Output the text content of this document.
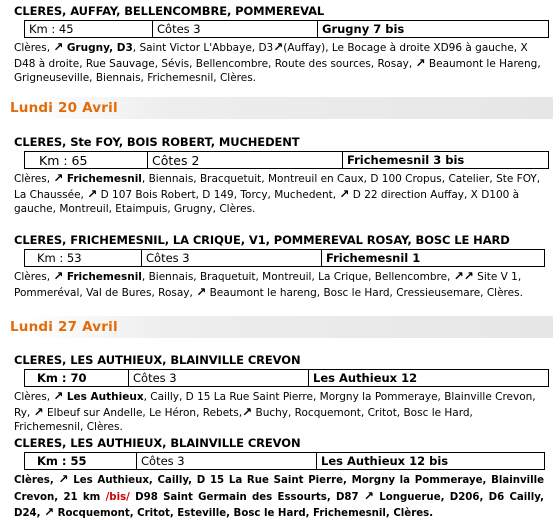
CLERES, AUFFAY, BELLENCOMBRE, POMMEREVAL
Km : 45	Côtes 3	Grugny 7 bis

Clères, ↗ Grugny, D3, Saint Victor L'Abbaye, D3↗(Auffay), Le Bocage à droite XD96 à gauche, X D48 à droite, Rue Sauvage, Sévis, Bellencombre, Route des sources, Rosay, ↗ Beaumont le Hareng, Grigneuseville, Biennais, Frichemesnil, Clères.

Lundi 20 Avril
CLERES, Ste FOY, BOIS ROBERT, MUCHEDENT
Km : 65	Côtes 2	Frichemesnil 3 bis

Clères, ↗ Frichemesnil, Biennais, Bracquetuit, Montreuil en Caux, D 100 Cropus, Catelier, Ste FOY, La Chaussée, ↗ D 107 Bois Robert, D 149, Torcy, Muchedent, ↗ D 22 direction Auffay, X D100 à gauche, Montreuil, Etaimpuis, Grugny, Clères.

CLERES, FRICHEMESNIL, LA CRIQUE, V1, POMMEREVAL ROSAY, BOSC LE HARD
Km : 53	Côtes 3	Frichemesnil 1

Clères, ↗ Frichemesnil, Biennais, Braquetuit, Montreuil, La Crique, Bellencombre, ↗↗ Site V 1, Pommeréval, Val de Bures, Rosay, ↗ Beaumont le hareng, Bosc le Hard, Cressieusemare, Clères.

Lundi 27 Avril
CLERES, LES AUTHIEUX, BLAINVILLE CREVON
Km : 70	Côtes 3	Les Authieux 12

Clères, ↗ Les Authieux, Cailly, D 15 La Rue Saint Pierre, Morgny la Pommeraye, Blainville Crevon, Ry, ↗ Elbeuf sur Andelle, Le Héron, Rebets,↗ Buchy, Rocquemont, Critot, Bosc le Hard, Frichemesnil, Clères.

CLERES, LES AUTHIEUX, BLAINVILLE CREVON
Km : 55	Côtes 3	Les Authieux 12 bis

Clères, ↗ Les Authieux, Cailly, D 15 La Rue Saint Pierre, Morgny la Pommeraye, Blainville Crevon, 21 km /bis/ D98 Saint Germain des Essourts, D87 ↗ Longuerue, D206, D6 Cailly, D24, ↗ Rocquemont, Critot, Esteville, Bosc le Hard, Frichemesnil, Clères.
